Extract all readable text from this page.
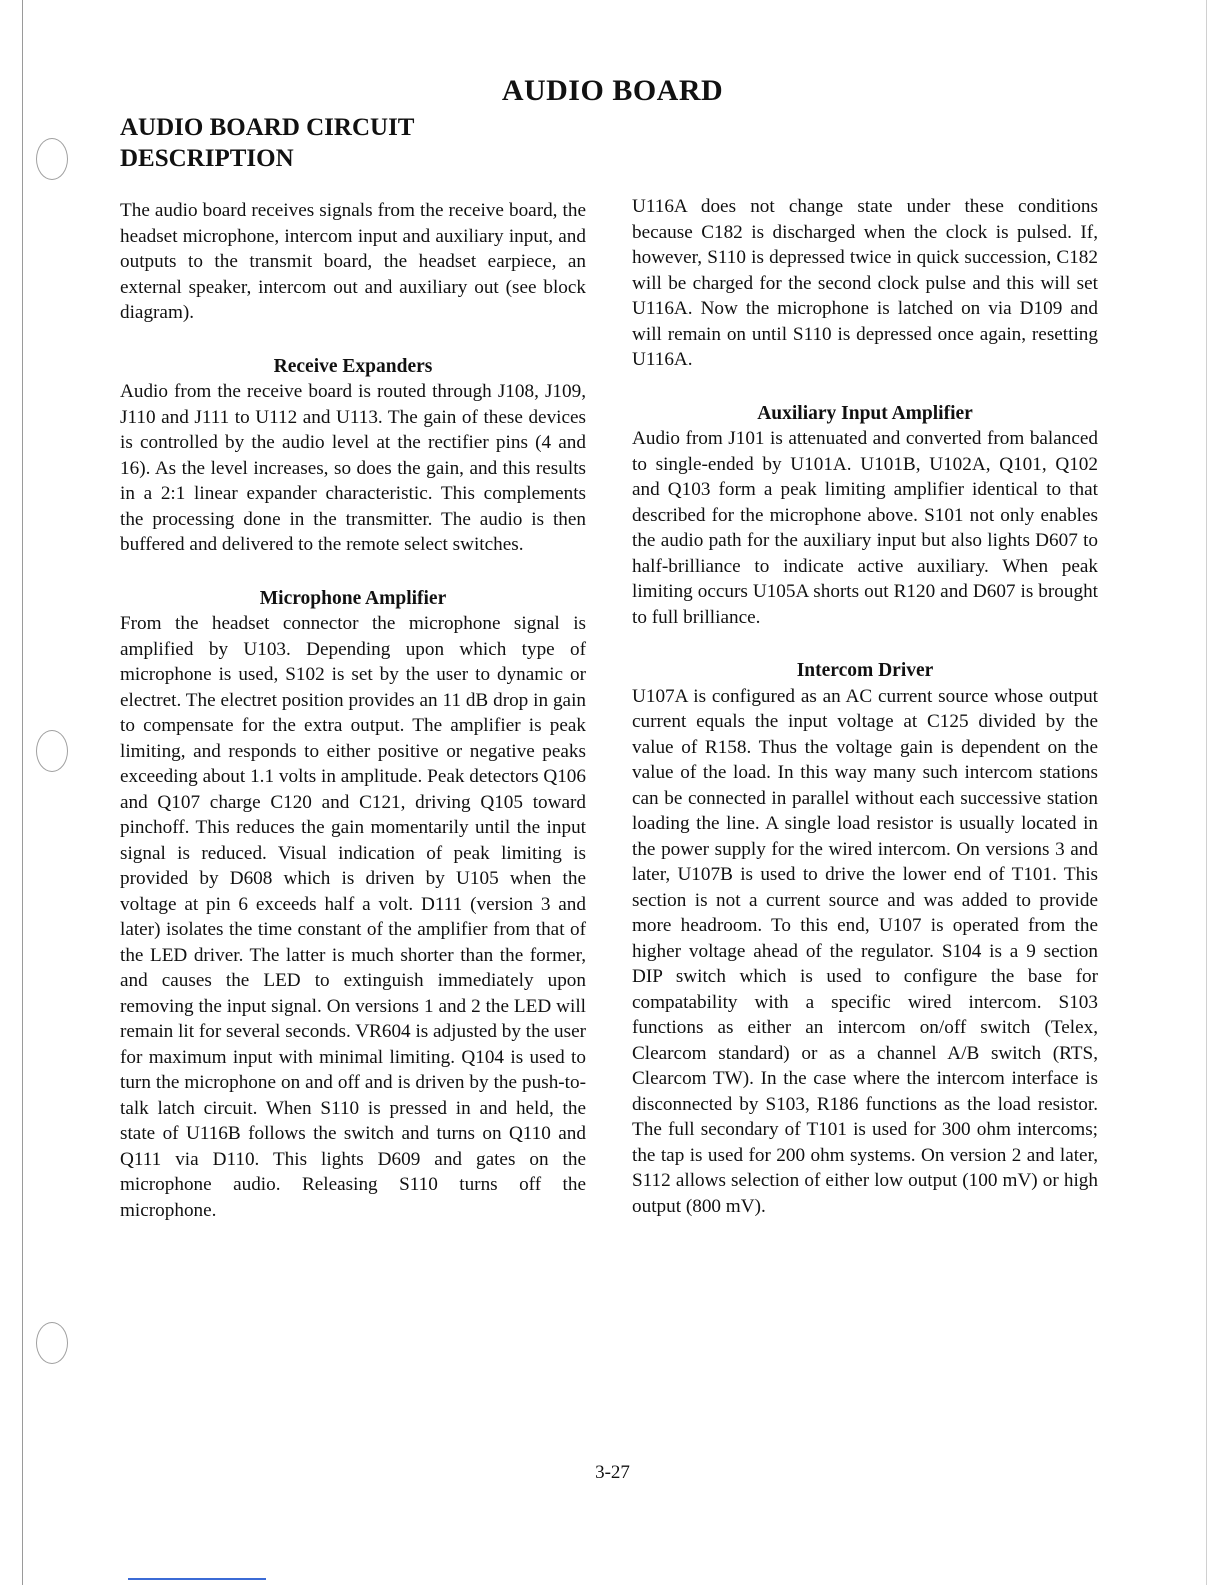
AUDIO BOARD
AUDIO BOARD CIRCUIT
DESCRIPTION

The audio board receives signals from the receive board, the headset microphone, intercom input and auxiliary input, and outputs to the transmit board, the headset earpiece, an external speaker, intercom out and auxiliary out (see block diagram).

Receive Expanders

Audio from the receive board is routed through J108, J109, J110 and J111 to U112 and U113. The gain of these devices is controlled by the audio level at the rectifier pins (4 and 16). As the level increases, so does the gain, and this results in a 2:1 linear expander characteristic. This complements the processing done in the transmitter. The audio is then buffered and delivered to the remote select switches.

Microphone Amplifier

From the headset connector the microphone signal is amplified by U103. Depending upon which type of microphone is used, S102 is set by the user to dynamic or electret. The electret position provides an 11 dB drop in gain to compensate for the extra output. The amplifier is peak limiting, and responds to either positive or negative peaks exceeding about 1.1 volts in amplitude. Peak detectors Q106 and Q107 charge C120 and C121, driving Q105 toward pinchoff. This reduces the gain momentarily until the input signal is reduced. Visual indication of peak limiting is provided by D608 which is driven by U105 when the voltage at pin 6 exceeds half a volt. D111 (version 3 and later) isolates the time constant of the amplifier from that of the LED driver. The latter is much shorter than the former, and causes the LED to extinguish immediately upon removing the input signal. On versions 1 and 2 the LED will remain lit for several seconds. VR604 is adjusted by the user for maximum input with minimal limiting. Q104 is used to turn the microphone on and off and is driven by the push-to-talk latch circuit. When S110 is pressed in and held, the state of U116B follows the switch and turns on Q110 and Q111 via D110. This lights D609 and gates on the microphone audio. Releasing S110 turns off the microphone.

U116A does not change state under these conditions because C182 is discharged when the clock is pulsed. If, however, S110 is depressed twice in quick succession, C182 will be charged for the second clock pulse and this will set U116A. Now the microphone is latched on via D109 and will remain on until S110 is depressed once again, resetting U116A.

Auxiliary Input Amplifier

Audio from J101 is attenuated and converted from balanced to single-ended by U101A. U101B, U102A, Q101, Q102 and Q103 form a peak limiting amplifier identical to that described for the microphone above. S101 not only enables the audio path for the auxiliary input but also lights D607 to half-brilliance to indicate active auxiliary. When peak limiting occurs U105A shorts out R120 and D607 is brought to full brilliance.

Intercom Driver

U107A is configured as an AC current source whose output current equals the input voltage at C125 divided by the value of R158. Thus the voltage gain is dependent on the value of the load. In this way many such intercom stations can be connected in parallel without each successive station loading the line. A single load resistor is usually located in the power supply for the wired intercom. On versions 3 and later, U107B is used to drive the lower end of T101. This section is not a current source and was added to provide more headroom. To this end, U107 is operated from the higher voltage ahead of the regulator. S104 is a 9 section DIP switch which is used to configure the base for compatability with a specific wired intercom. S103 functions as either an intercom on/off switch (Telex, Clearcom standard) or as a channel A/B switch (RTS, Clearcom TW). In the case where the intercom interface is disconnected by S103, R186 functions as the load resistor. The full secondary of T101 is used for 300 ohm intercoms; the tap is used for 200 ohm systems. On version 2 and later, S112 allows selection of either low output (100 mV) or high output (800 mV).

3-27
